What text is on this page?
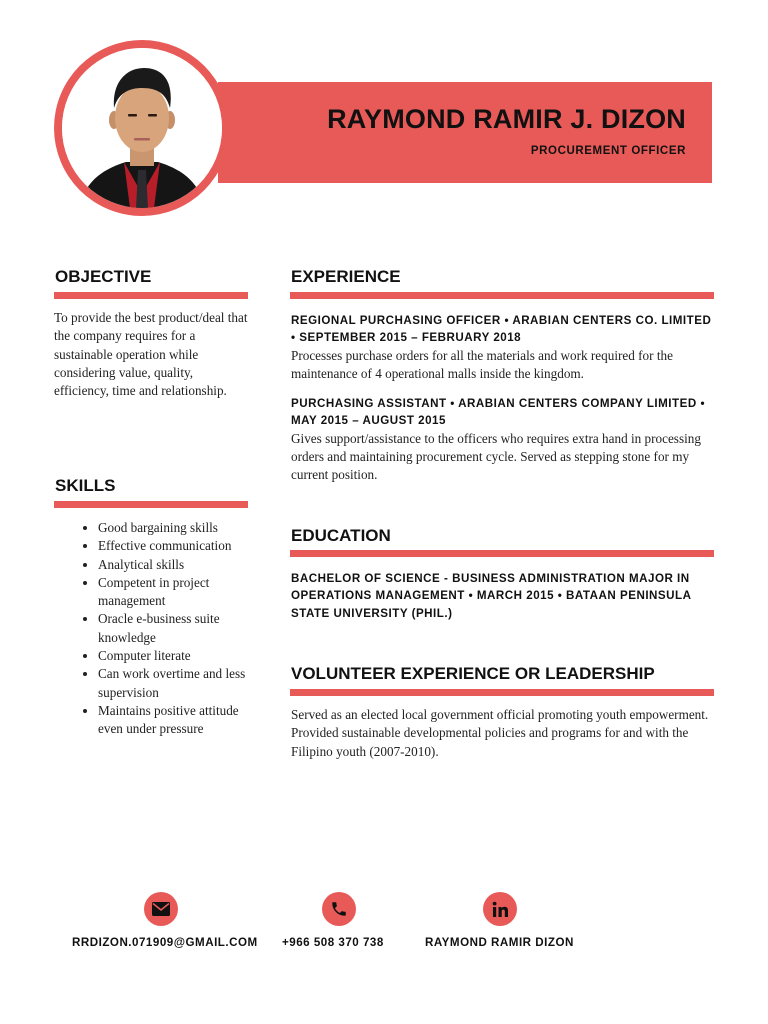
RAYMOND RAMIR J. DIZON
PROCUREMENT OFFICER
OBJECTIVE

To provide the best product/deal that the company requires for a sustainable operation while considering value, quality, efficiency, time and relationship.

SKILLS
• Good bargaining skills
• Effective communication
• Analytical skills
• Competent in project management
• Oracle e-business suite knowledge
• Computer literate
• Can work overtime and less supervision
• Maintains positive attitude even under pressure
EXPERIENCE
REGIONAL PURCHASING OFFICER • ARABIAN CENTERS CO. LIMITED • SEPTEMBER 2015 – FEBRUARY 2018
Processes purchase orders for all the materials and work required for the maintenance of 4 operational malls inside the kingdom.
PURCHASING ASSISTANT • ARABIAN CENTERS COMPANY LIMITED • MAY 2015 – AUGUST 2015
Gives support/assistance to the officers who requires extra hand in processing orders and maintaining procurement cycle. Served as stepping stone for my current position.
EDUCATION
BACHELOR OF SCIENCE - BUSINESS ADMINISTRATION MAJOR IN OPERATIONS MANAGEMENT • MARCH 2015 • BATAAN PENINSULA STATE UNIVERSITY (PHIL.)
VOLUNTEER EXPERIENCE OR LEADERSHIP

Served as an elected local government official promoting youth empowerment. Provided sustainable developmental policies and programs for and with the Filipino youth (2007-2010).

RRDIZON.071909@GMAIL.COM +966 508 370 738	RAYMOND RAMIR DIZON
